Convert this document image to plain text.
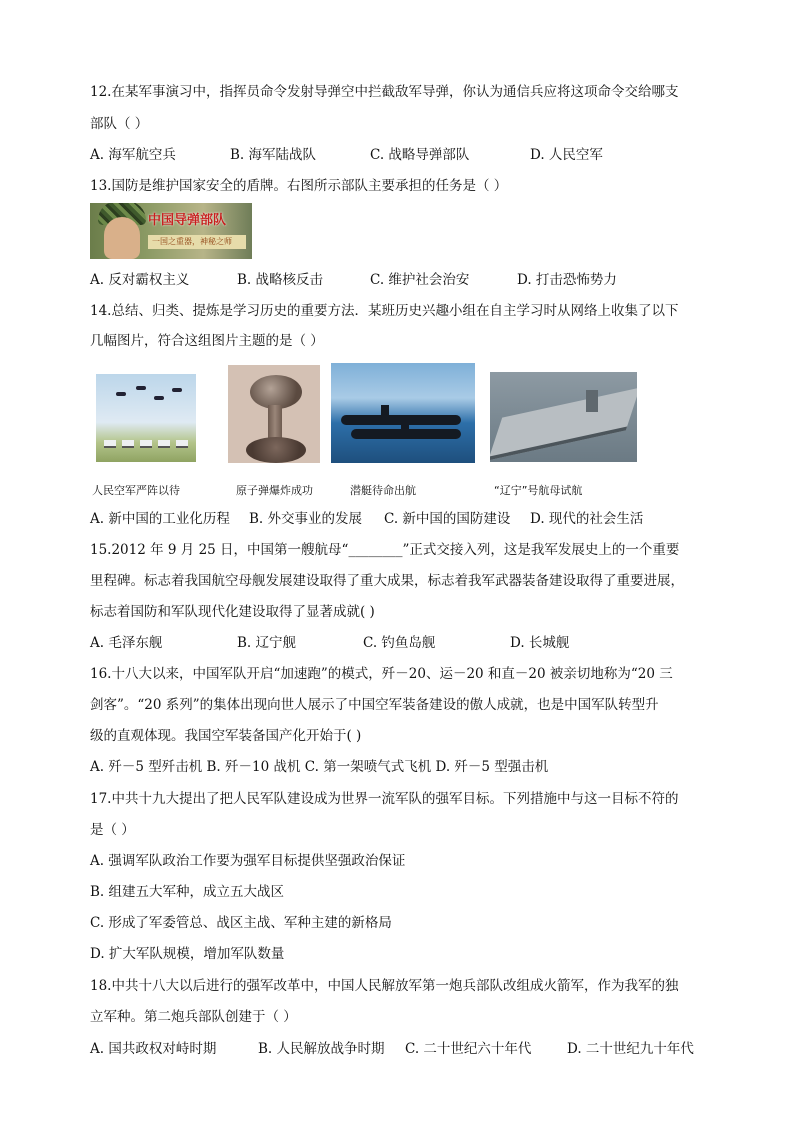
12.在某军事演习中，指挥员命令发射导弹空中拦截敌军导弹，你认为通信兵应将这项命令交给哪支
部队（ ）
A. 海军航空兵	B. 海军陆战队	C. 战略导弹部队	D. 人民空军
13.国防是维护国家安全的盾牌。右图所示部队主要承担的任务是（ ）
中国导弹部队
一国之重器，神秘之师
A. 反对霸权主义	B. 战略核反击	C. 维护社会治安	D. 打击恐怖势力
14.总结、归类、提炼是学习历史的重要方法．某班历史兴趣小组在自主学习时从网络上收集了以下
几幅图片，符合这组图片主题的是（ ）
人民空军严阵以待	原子弹爆炸成功	潜艇待命出航	“辽宁”号航母试航
A. 新中国的工业化历程 B. 外交事业的发展 C. 新中国的国防建设 D. 现代的社会生活
15.2012 年 9 月 25 日，中国第一艘航母“________”正式交接入列，这是我军发展史上的一个重要
里程碑。标志着我国航空母舰发展建设取得了重大成果，标志着我军武器装备建设取得了重要进展，
标志着国防和军队现代化建设取得了显著成就( )
A. 毛泽东舰	B. 辽宁舰	C. 钓鱼岛舰	D. 长城舰
16.十八大以来，中国军队开启“加速跑”的模式，歼－20、运－20 和直－20 被亲切地称为“20 三
剑客”。“20 系列”的集体出现向世人展示了中国空军装备建设的傲人成就，也是中国军队转型升
级的直观体现。我国空军装备国产化开始于( )
A. 歼－5 型歼击机 B. 歼－10 战机 C. 第一架喷气式飞机 D. 歼－5 型强击机
17.中共十九大提出了把人民军队建设成为世界一流军队的强军目标。下列措施中与这一目标不符的
是（ ）
A. 强调军队政治工作要为强军目标提供坚强政治保证
B. 组建五大军种，成立五大战区
C. 形成了军委管总、战区主战、军种主建的新格局
D. 扩大军队规模，增加军队数量
18.中共十八大以后进行的强军改革中，中国人民解放军第一炮兵部队改组成火箭军，作为我军的独
立军种。第二炮兵部队创建于（ ）
A. 国共政权对峙时期	B. 人民解放战争时期 C. 二十世纪六十年代	D. 二十世纪九十年代
